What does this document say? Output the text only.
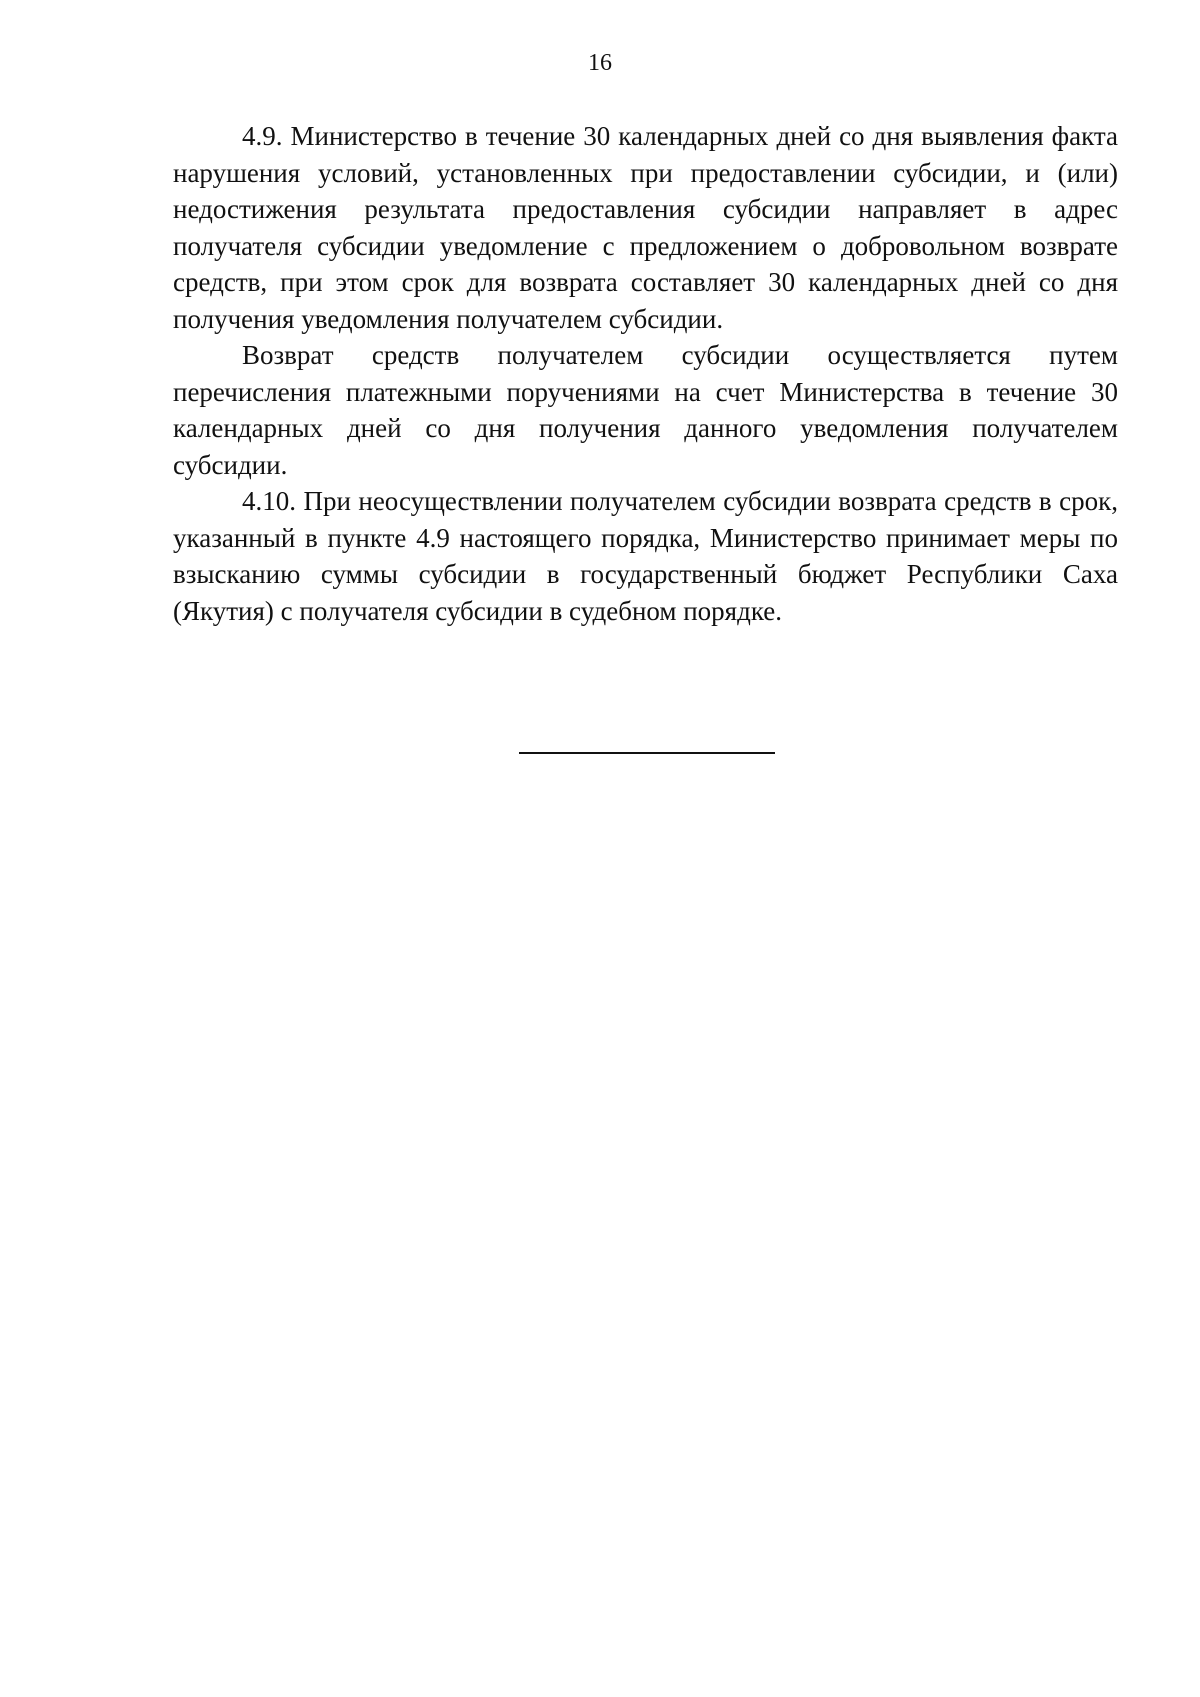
16

4.9. Министерство в течение 30 календарных дней со дня выявления факта нарушения условий, установленных при предоставлении субсидии, и (или) недостижения результата предоставления субсидии направляет в адрес получателя субсидии уведомление с предложением о добровольном возврате средств, при этом срок для возврата составляет 30 календарных дней со дня получения уведомления получателем субсидии.

Возврат средств получателем субсидии осуществляется путем перечисления платежными поручениями на счет Министерства в течение 30 календарных дней со дня получения данного уведомления получателем субсидии.

4.10. При неосуществлении получателем субсидии возврата средств в срок, указанный в пункте 4.9 настоящего порядка, Министерство принимает меры по взысканию суммы субсидии в государственный бюджет Республики Саха (Якутия) с получателя субсидии в судебном порядке.
